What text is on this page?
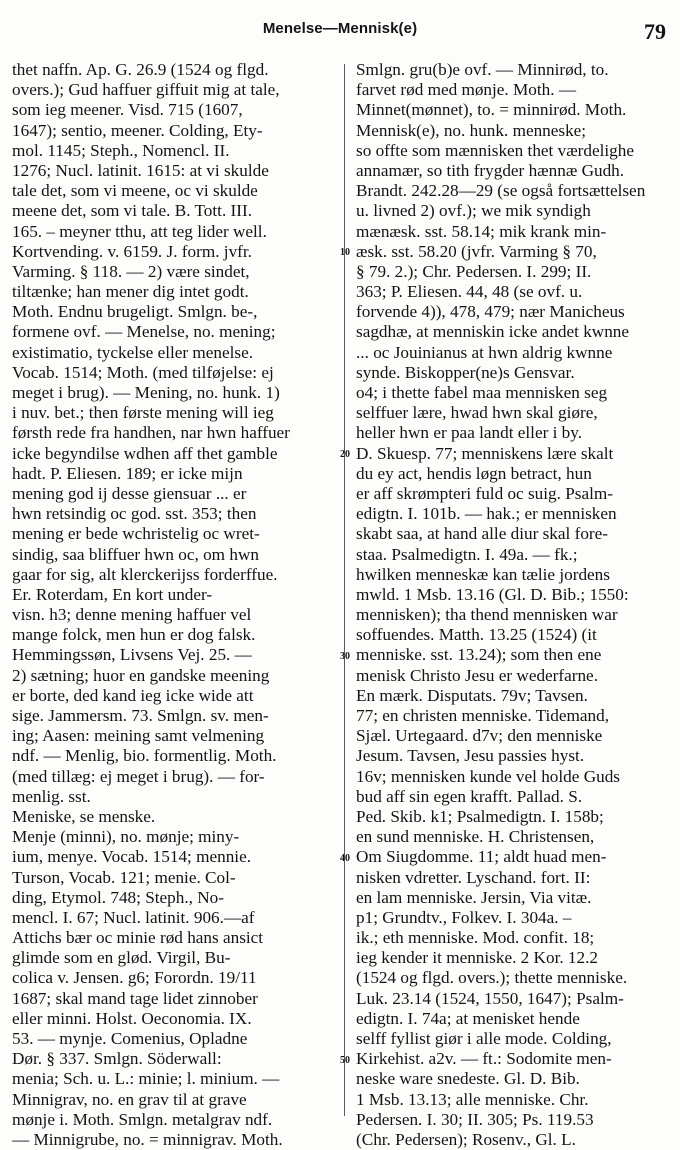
Menelse—Mennisk(e)	79
thet naffn. Ap. G. 26.9 (1524 og flgd.
overs.); Gud haffuer giffuit mig at tale,
som ieg meener. Visd. 715 (1607,
1647); sentio, meener. Colding, Ety-
mol. 1145; Steph., Nomencl. II.
1276; Nucl. latinit. 1615: at vi skulde
tale det, som vi meene, oc vi skulde
meene det, som vi tale. B. Tott. III.
165. – meyner tthu, att teg lider well.
Kortvending. v. 6159. J. form. jvfr.
Varming. § 118. — 2) være sindet,
tiltænke; han mener dig intet godt.
Moth. Endnu brugeligt. Smlgn. be-,
formene ovf. — Menelse, no. mening;
existimatio, tyckelse eller menelse.
Vocab. 1514; Moth. (med tilføjelse: ej
meget i brug). — Mening, no. hunk. 1)
i nuv. bet.; then første mening will ieg
førsth rede fra handhen, nar hwn haffuer
icke begyndilse wdhen aff thet gamble
hadt. P. Eliesen. 189; er icke mijn
mening god ij desse giensuar ... er
hwn retsindig oc god. sst. 353; then
mening er bede wchristelig oc wret-
sindig, saa bliffuer hwn oc, om hwn
gaar for sig, alt klerckerijss forderffue.
Er. Roterdam, En kort under-
visn. h3; denne mening haffuer vel
mange folck, men hun er dog falsk.
Hemmingssøn, Livsens Vej. 25. —
2) sætning; huor en gandske meening
er borte, ded kand ieg icke wide att
sige. Jammersm. 73. Smlgn. sv. men-
ing; Aasen: meining samt velmening
ndf. — Menlig, bio. formentlig. Moth.
(med tillæg: ej meget i brug). — for-
menlig. sst.
Meniske, se menske.
Menje (minni), no. mønje; miny-
ium, menye. Vocab. 1514; mennie.
Turson, Vocab. 121; menie. Col-
ding, Etymol. 748; Steph., No-
mencl. I. 67; Nucl. latinit. 906.—af
Attichs bær oc minie rød hans ansict
glimde som en glød. Virgil, Bu-
colica v. Jensen. g6; Forordn. 19/11
1687; skal mand tage lidet zinnober
eller minni. Holst. Oeconomia. IX.
53. — mynje. Comenius, Opladne
Dør. § 337. Smlgn. Söderwall:
menia; Sch. u. L.: minie; l. minium. —
Minnigrav, no. en grav til at grave
mønje i. Moth. Smlgn. metalgrav ndf.
— Minnigrube, no. = minnigrav. Moth.
Smlgn. gru(b)e ovf. — Minnirød, to.
farvet rød med mønje. Moth. —
Minnet(mønnet), to. = minnirød. Moth.
Mennisk(e), no. hunk. menneske;
so offte som mænnisken thet værdelighe
annamær, so tith frygder hænnæ Gudh.
Brandt. 242.28—29 (se også fortsættelsen
u. livned 2) ovf.); we mik syndigh
mænæsk. sst. 58.14; mik krank min-
æsk. sst. 58.20 (jvfr. Varming § 70,
§ 79. 2.); Chr. Pedersen. I. 299; II.
363; P. Eliesen. 44, 48 (se ovf. u.
forvende 4)), 478, 479; nær Manicheus
sagdhæ, at menniskin icke andet kwnne
... oc Jouinianus at hwn aldrig kwnne
synde. Biskopper(ne)s Gensvar.
o4; i thette fabel maa mennisken seg
selffuer lære, hwad hwn skal giøre,
heller hwn er paa landt eller i by.
D. Skuesp. 77; menniskens lære skalt
du ey act, hendis løgn betract, hun
er aff skrømpteri fuld oc suig. Psalm-
edigtn. I. 101b. — hak.; er mennisken
skabt saa, at hand alle diur skal fore-
staa. Psalmedigtn. I. 49a. — fk.;
hwilken menneskæ kan tælie jordens
mwld. 1 Msb. 13.16 (Gl. D. Bib.; 1550:
mennisken); tha thend mennisken war
soffuendes. Matth. 13.25 (1524) (it
menniske. sst. 13.24); som then ene
menisk Christo Jesu er wederfarne.
En mærk. Disputats. 79v; Tavsen.
77; en christen menniske. Tidemand,
Sjæl. Urtegaard. d7v; den menniske
Jesum. Tavsen, Jesu passies hyst.
16v; mennisken kunde vel holde Guds
bud aff sin egen krafft. Pallad. S.
Ped. Skib. k1; Psalmedigtn. I. 158b;
en sund menniske. H. Christensen,
Om Siugdomme. 11; aldt huad men-
nisken vdretter. Lyschand. fort. II:
en lam menniske. Jersin, Via vitæ.
p1; Grundtv., Folkev. I. 304a. –
ik.; eth menniske. Mod. confit. 18;
ieg kender it menniske. 2 Kor. 12.2
(1524 og flgd. overs.); thette menniske.
Luk. 23.14 (1524, 1550, 1647); Psalm-
edigtn. I. 74a; at menisket hende
selff fyllist giør i alle mode. Colding,
Kirkehist. a2v. — ft.: Sodomite men-
neske ware snedeste. Gl. D. Bib.
1 Msb. 13.13; alle menniske. Chr.
Pedersen. I. 30; II. 305; Ps. 119.53
(Chr. Pedersen); Rosenv., Gl. L.
10
20
30
40
50
